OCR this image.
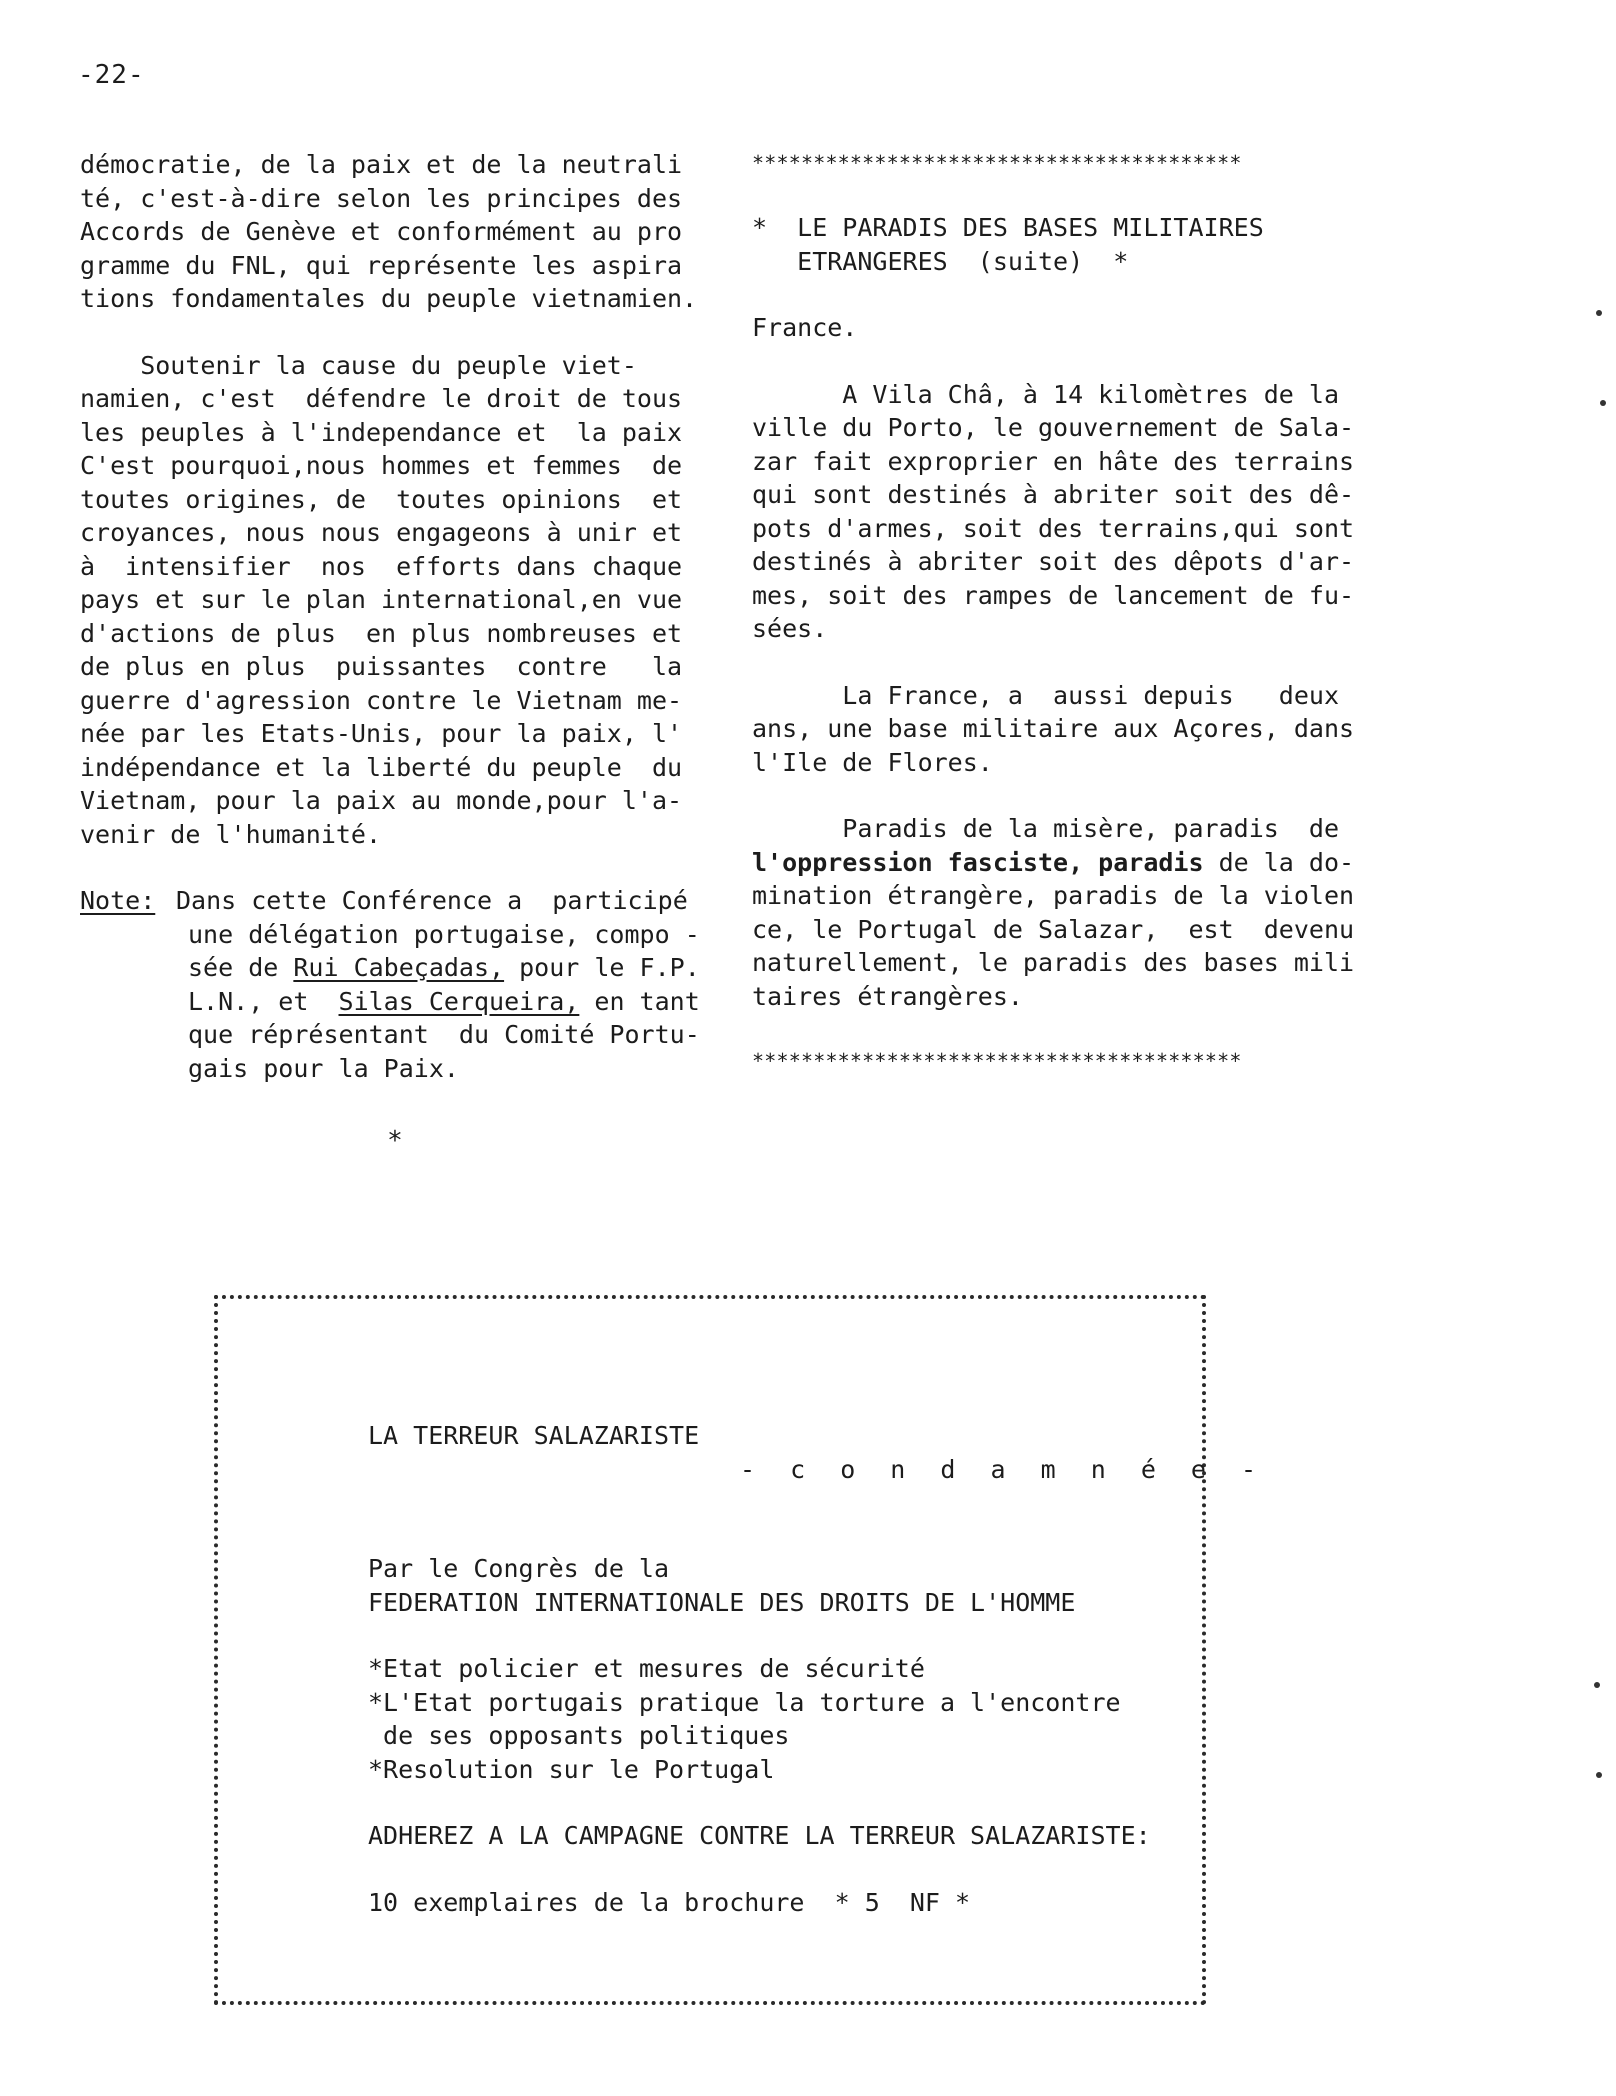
-22-
démocratie, de la paix et de la neutrali
té, c'est-à-dire selon les principes des
Accords de Genève et conformément au pro
gramme du FNL, qui représente les aspira
tions fondamentales du peuple vietnamien.
Soutenir la cause du peuple viet-
namien, c'est  défendre le droit de tous
les peuples à l'independance et  la paix
C'est pourquoi,nous hommes et femmes  de
toutes origines, de  toutes opinions  et
croyances, nous nous engageons à unir et
à  intensifier  nos  efforts dans chaque
pays et sur le plan international,en vue
d'actions de plus  en plus nombreuses et
de plus en plus  puissantes  contre   la
guerre d'agression contre le Vietnam me-
née par les Etats-Unis, pour la paix, l'
indépendance et la liberté du peuple  du
Vietnam, pour la paix au monde,pour l'a-
venir de l'humanité.
Note: Dans cette Conférence a  participé
une délégation portugaise, compo -
sée de Rui Cabeçadas, pour le F.P.
L.N., et  Silas Cerqueira, en tant
que réprésentant  du Comité Portu-
gais pour la Paix.
*
****************************************
*  LE PARADIS DES BASES MILITAIRES
ETRANGERES  (suite)  *
France.
A Vila Châ, à 14 kilomètres de la
ville du Porto, le gouvernement de Sala-
zar fait exproprier en hâte des terrains
qui sont destinés à abriter soit des dê-
pots d'armes, soit des terrains,qui sont
destinés à abriter soit des dêpots d'ar-
mes, soit des rampes de lancement de fu-
sées.
La France, a  aussi depuis   deux
ans, une base militaire aux Açores, dans
l'Ile de Flores.
Paradis de la misère, paradis  de
l'oppression fasciste, paradis de la do-
mination étrangère, paradis de la violen
ce, le Portugal de Salazar,  est  devenu
naturellement, le paradis des bases mili
taires étrangères.
****************************************
LA TERREUR SALAZARISTE
- c o n d a m n é e -
Par le Congrès de la
FEDERATION INTERNATIONALE DES DROITS DE L'HOMME
*Etat policier et mesures de sécurité
*L'Etat portugais pratique la torture a l'encontre
de ses opposants politiques
*Resolution sur le Portugal
ADHEREZ A LA CAMPAGNE CONTRE LA TERREUR SALAZARISTE:
10 exemplaires de la brochure  * 5  NF *
